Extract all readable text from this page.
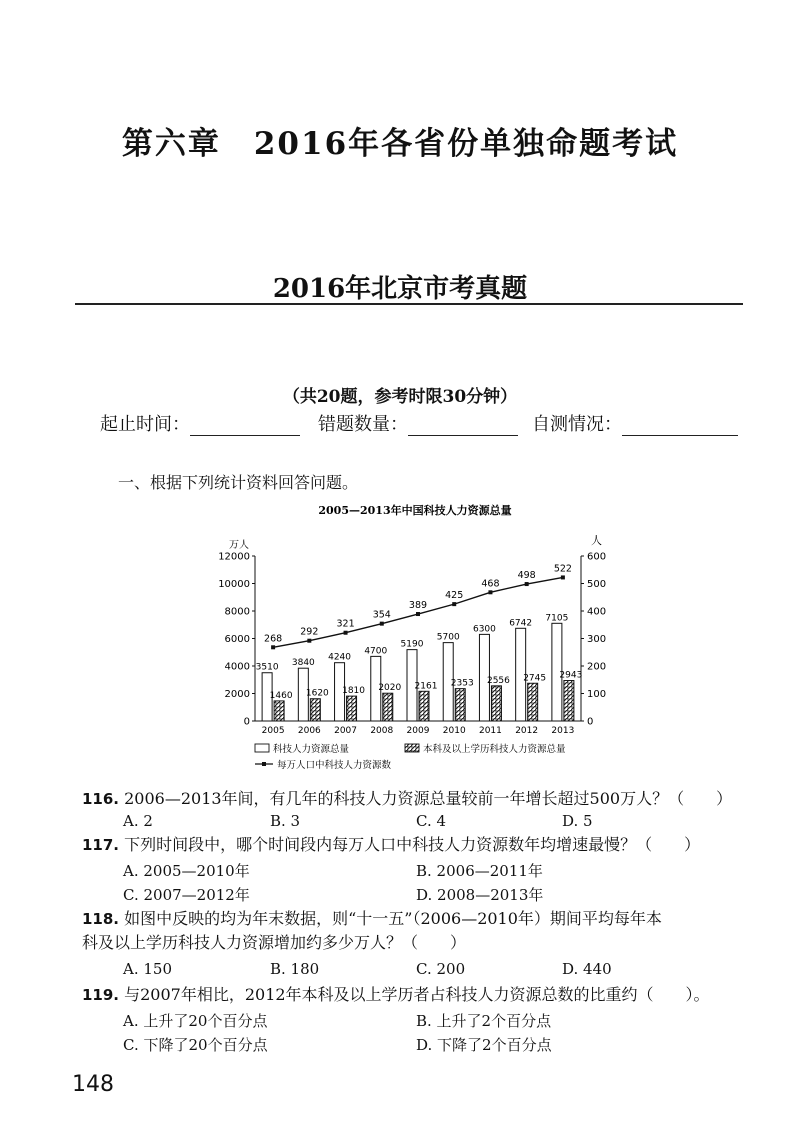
第六章　2016年各省份单独命题考试
2016年北京市考真题
（共20题，参考时限30分钟）
起止时间：	错题数量：	自测情况：
一、根据下列统计资料回答问题。
2005—2013年中国科技人力资源总量
万人	人
0
2000
4000
6000
8000
10000
12000
0
100
200
300
400
500
600
2005 2006 2007 2008 2009 2010 2011 2012 2013
3510 3840
4240
4700
5190
5700
6300
6742 7105
1460 1620 1810 2020 2161 2353 2556 2745 2943
268
292
321
354
389
425
468
498
522
科技人力资源总量	本科及以上学历科技人力资源总量
每万人口中科技人力资源数
116. 2006—2013年间，有几年的科技人力资源总量较前一年增长超过500万人？（　　）
A. 2	B. 3	C. 4	D. 5
117. 下列时间段中，哪个时间段内每万人口中科技人力资源数年均增速最慢？（　　）
A. 2005—2010年	B. 2006—2011年
C. 2007—2012年	D. 2008—2013年
118. 如图中反映的均为年末数据，则“十一五”（2006—2010年）期间平均每年本科及以上学历科技人力资源增加约多少万人？（　　）
A. 150	B. 180	C. 200	D. 440
119. 与2007年相比，2012年本科及以上学历者占科技人力资源总数的比重约（　　）。
A. 上升了20个百分点	B. 上升了2个百分点
C. 下降了20个百分点	D. 下降了2个百分点
148
